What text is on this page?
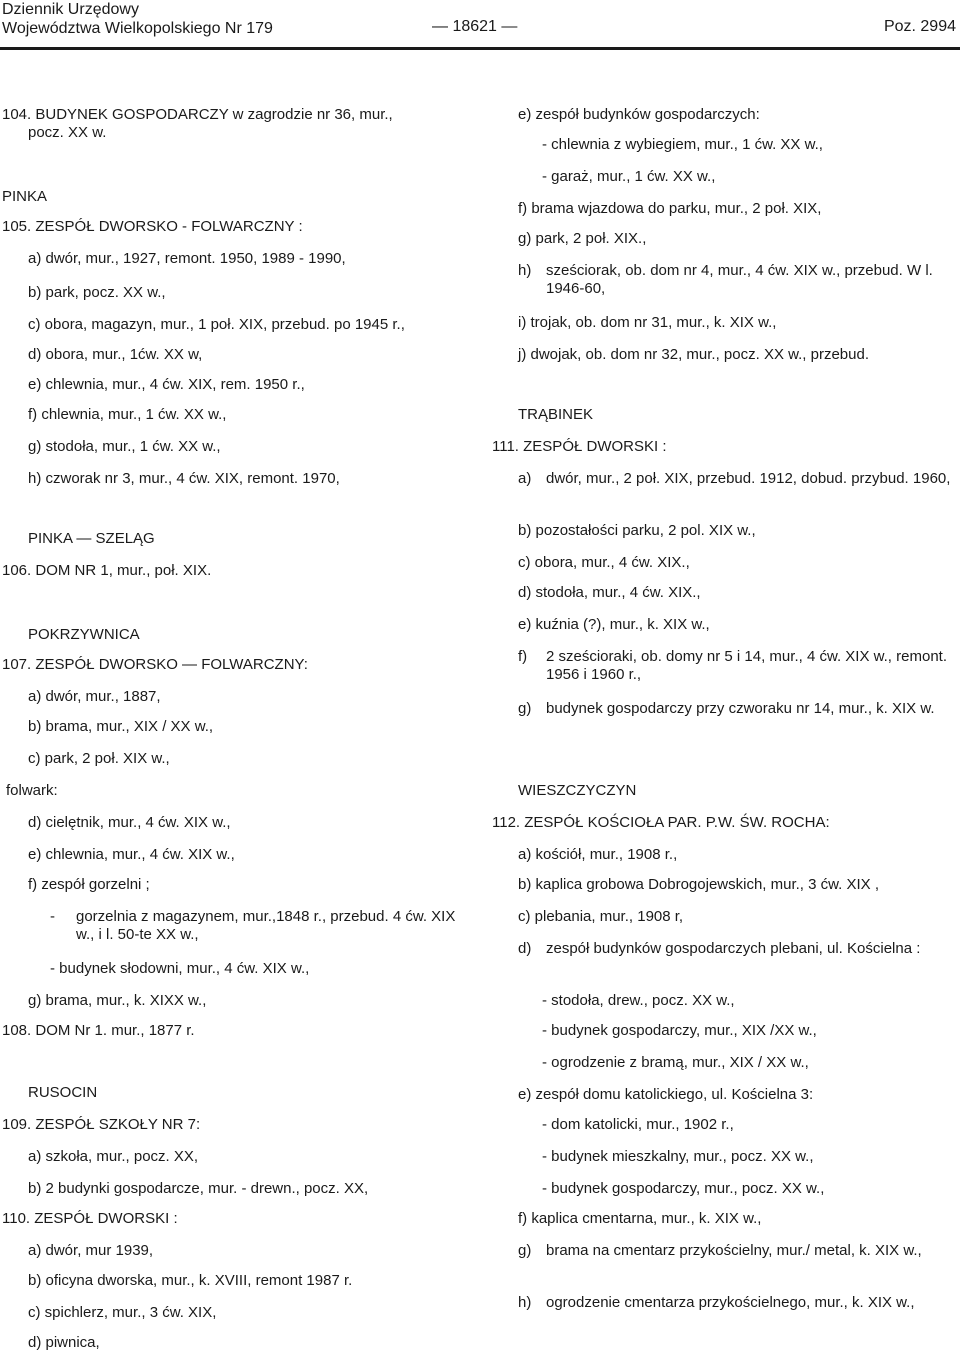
Dziennik Urzędowy
Województwa Wielkopolskiego Nr 179	— 18621 —	Poz. 2994
104. BUDYNEK GOSPODARCZY w zagrodzie nr 36, mur.,
pocz. XX w.
PINKA
105. ZESPÓŁ DWORSKO - FOLWARCZNY :
a) dwór, mur., 1927, remont. 1950, 1989 - 1990,
b) park, pocz. XX w.,
c) obora, magazyn, mur., 1 poł. XIX, przebud. po 1945 r.,
d) obora, mur., 1ćw. XX w,
e) chlewnia, mur., 4 ćw. XIX, rem. 1950 r.,
f) chlewnia, mur., 1 ćw. XX w.,
g) stodoła, mur., 1 ćw. XX w.,
h) czworak nr 3, mur., 4 ćw. XIX, remont. 1970,
PINKA — SZELĄG
106. DOM NR 1, mur., poł. XIX.
POKRZYWNICA
107. ZESPÓŁ DWORSKO — FOLWARCZNY:
a) dwór, mur., 1887,
b) brama, mur., XIX / XX w.,
c) park, 2 poł. XIX w.,
folwark:
d) cielętnik, mur., 4 ćw. XIX w.,
e) chlewnia, mur., 4 ćw. XIX w.,
f) zespół gorzelni ;
- gorzelnia z magazynem, mur.,1848 r., przebud. 4 ćw. XIX w., i l. 50-te XX w.,
- budynek słodowni, mur., 4 ćw. XIX w.,
g) brama, mur., k. XIXX w.,
108. DOM Nr 1. mur., 1877 r.
RUSOCIN
109. ZESPÓŁ SZKOŁY NR 7:
a) szkoła, mur., pocz. XX,
b) 2 budynki gospodarcze, mur. - drewn., pocz. XX,
110. ZESPÓŁ DWORSKI :
a) dwór, mur 1939,
b) oficyna dworska, mur., k. XVIII, remont 1987 r.
c) spichlerz, mur., 3 ćw. XIX,
d) piwnica,
e) zespół budynków gospodarczych:
- chlewnia z wybiegiem, mur., 1 ćw. XX w.,
- garaż, mur., 1 ćw. XX w.,
f) brama wjazdowa do parku, mur., 2 poł. XIX,
g) park, 2 poł. XIX.,
h) sześciorak, ob. dom nr 4, mur., 4 ćw. XIX w., przebud. W l. 1946-60,
i) trojak, ob. dom nr 31, mur., k. XIX w.,
j) dwojak, ob. dom nr 32, mur., pocz. XX w., przebud.
TRĄBINEK
111. ZESPÓŁ DWORSKI :
a) dwór, mur., 2 poł. XIX, przebud. 1912, dobud. przybud. 1960,
b) pozostałości parku, 2 pol. XIX w.,
c) obora, mur., 4 ćw. XIX.,
d) stodoła, mur., 4 ćw. XIX.,
e) kuźnia (?), mur., k. XIX w.,
f) 2 sześcioraki, ob. domy nr 5 i 14, mur., 4 ćw. XIX w., remont. 1956 i 1960 r.,
g) budynek gospodarczy przy czworaku nr 14, mur., k. XIX w.
WIESZCZYCZYN
112. ZESPÓŁ KOŚCIOŁA PAR. P.W. ŚW. ROCHA:
a) kościół, mur., 1908 r.,
b) kaplica grobowa Dobrogojewskich, mur., 3 ćw. XIX ,
c) plebania, mur., 1908 r,
d) zespół budynków gospodarczych plebani, ul. Kościelna :
- stodoła, drew., pocz. XX w.,
- budynek gospodarczy, mur., XIX /XX w.,
- ogrodzenie z bramą, mur., XIX / XX w.,
e) zespół domu katolickiego, ul. Kościelna 3:
- dom katolicki, mur., 1902 r.,
- budynek mieszkalny, mur., pocz. XX w.,
- budynek gospodarczy, mur., pocz. XX w.,
f) kaplica cmentarna, mur., k. XIX w.,
g) brama na cmentarz przykościelny, mur./ metal, k. XIX w.,
h) ogrodzenie cmentarza przykościelnego, mur., k. XIX w.,
